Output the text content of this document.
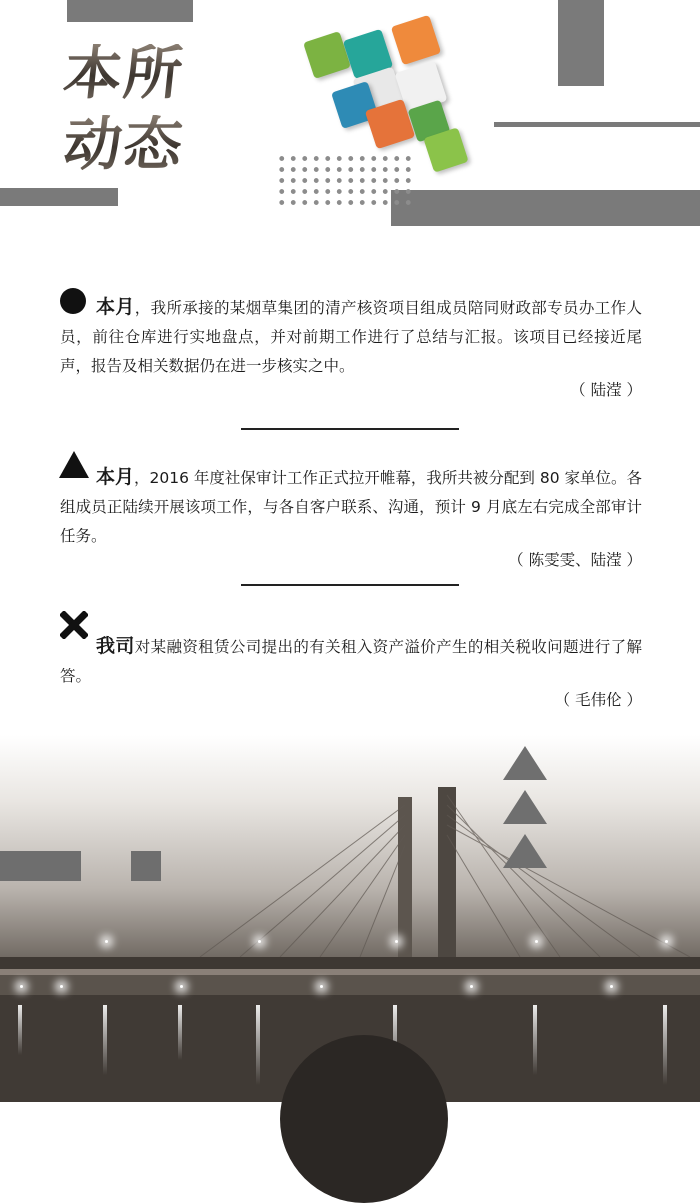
本所
动态
本月，我所承接的某烟草集团的清产核资项目组成员陪同财政部专员办工作人员，前往仓库进行实地盘点，并对前期工作进行了总结与汇报。该项目已经接近尾声，报告及相关数据仍在进一步核实之中。
（ 陆滢 ）
本月，2016 年度社保审计工作正式拉开帷幕，我所共被分配到 80 家单位。各组成员正陆续开展该项工作，与各自客户联系、沟通，预计 9 月底左右完成全部审计任务。
（ 陈雯雯、陆滢 ）
我司对某融资租赁公司提出的有关租入资产溢价产生的相关税收问题进行了解答。
（ 毛伟伦 ）
